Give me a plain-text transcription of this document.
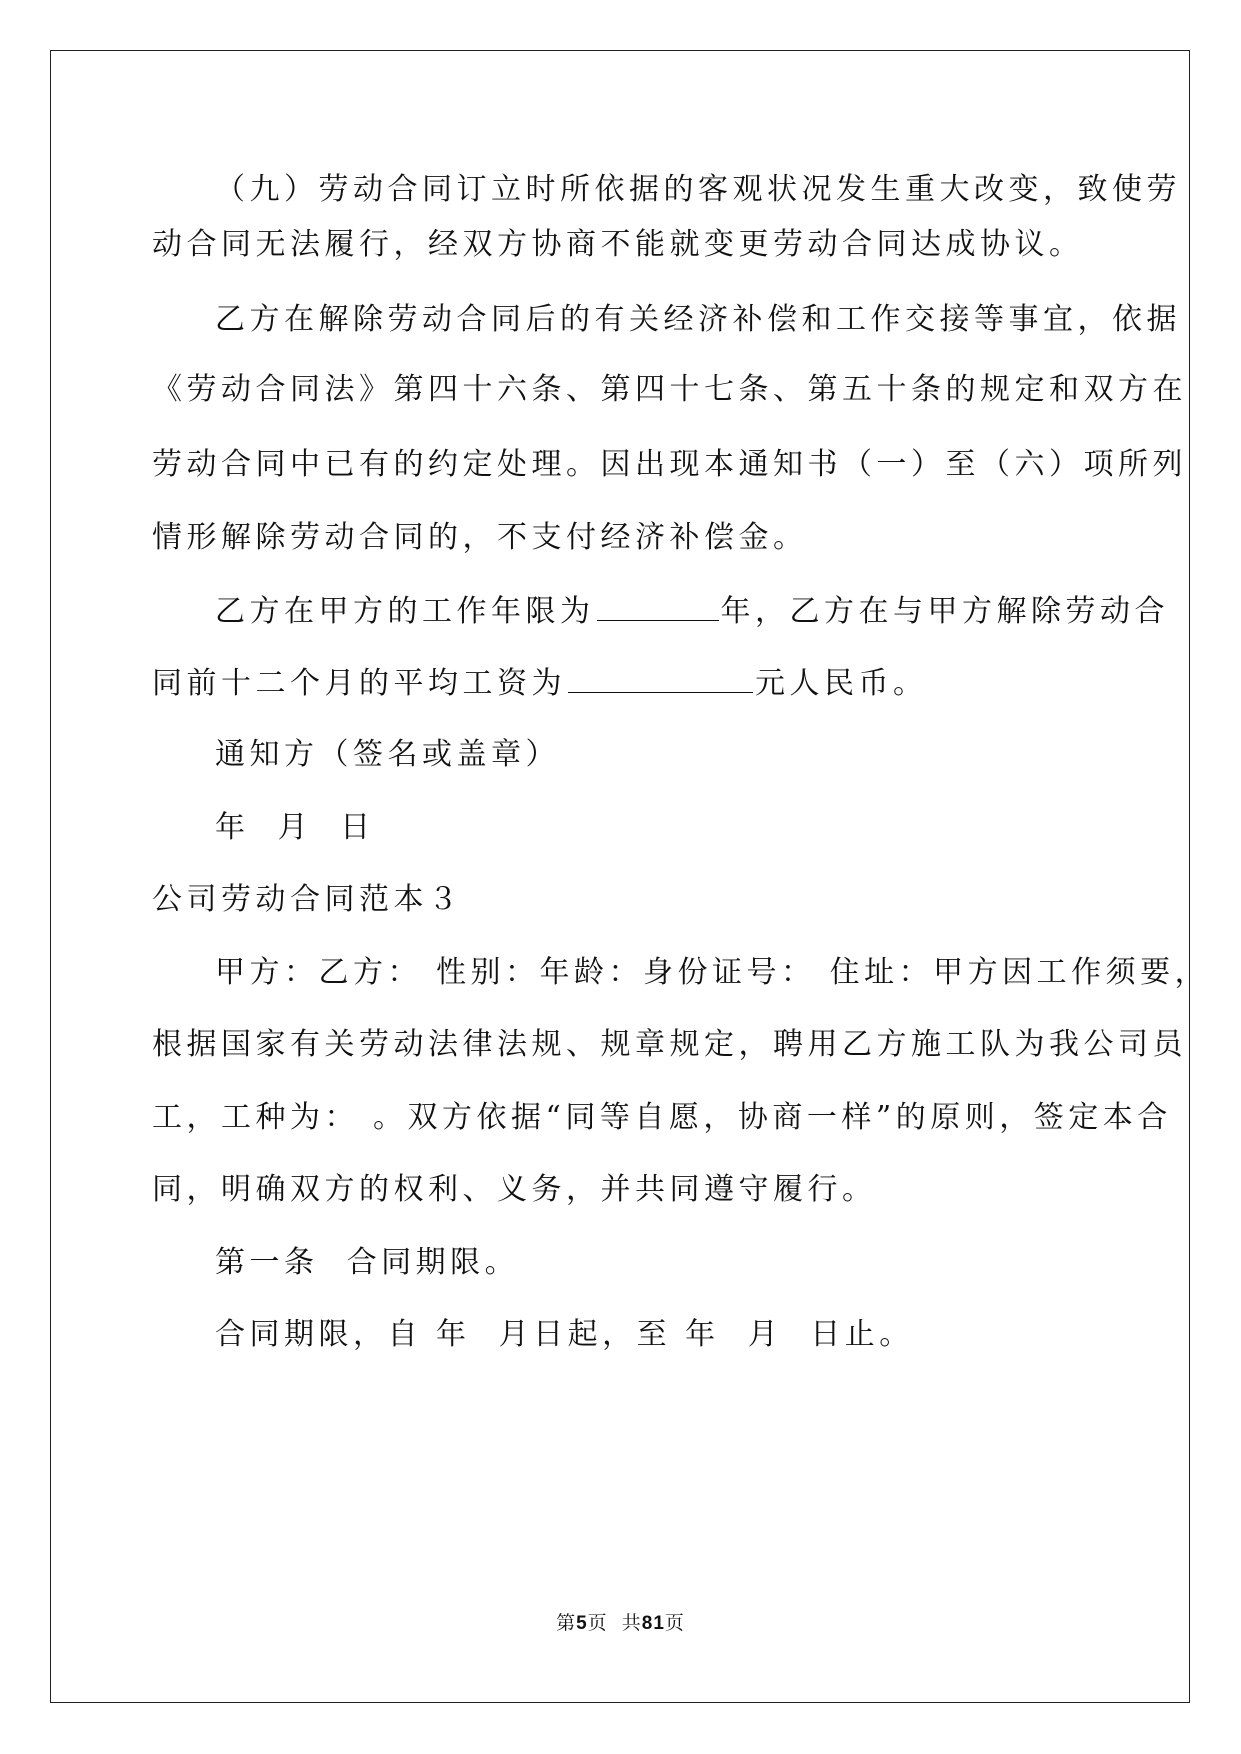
（九）劳动合同订立时所依据的客观状况发生重大改变，致使劳
动合同无法履行，经双方协商不能就变更劳动合同达成协议。
乙方在解除劳动合同后的有关经济补偿和工作交接等事宜，依据
《劳动合同法》第四十六条、第四十七条、第五十条的规定和双方在
劳动合同中已有的约定处理。因出现本通知书（一）至（六）项所列
情形解除劳动合同的，不支付经济补偿金。
乙方在甲方的工作年限为	年，乙方在与甲方解除劳动合
同前十二个月的平均工资为	元人民币。
通知方（签名或盖章）
年  月  日
公司劳动合同范本３
甲方：乙方： 性别：年龄：身份证号： 住址：甲方因工作须要，
根据国家有关劳动法律法规、规章规定，聘用乙方施工队为我公司员
工，工种为： 。双方依据“同等自愿，协商一样”的原则，签定本合
同，明确双方的权利、义务，并共同遵守履行。
第一条  合同期限。
合同期限，自 年  月日起，至 年  月  日止。
第5页  共81页
